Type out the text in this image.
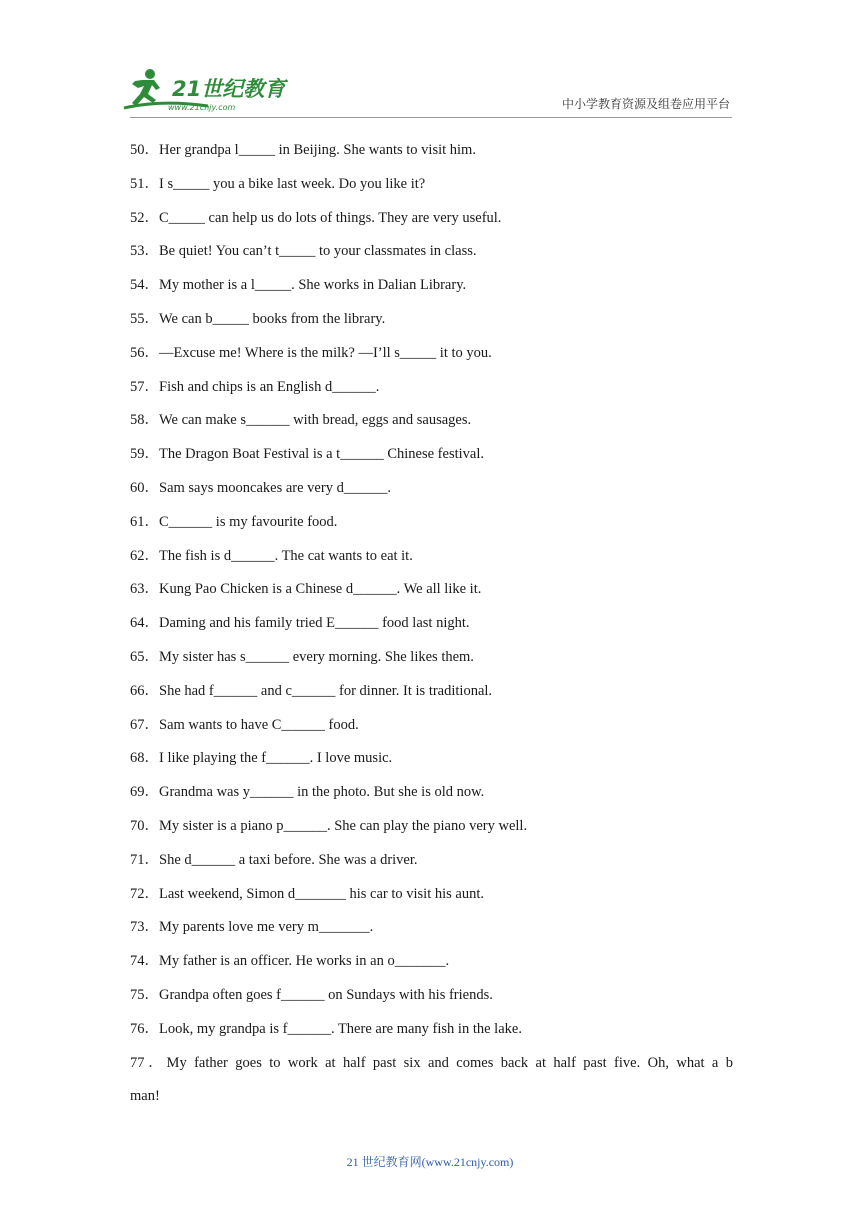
21世纪教育
www.21cnjy.com	中小学教育资源及组卷应用平台
50．Her grandpa l_____ in Beijing. She wants to visit him.
51．I s_____ you a bike last week. Do you like it?
52．C_____ can help us do lots of things. They are very useful.
53．Be quiet! You can’t t_____ to your classmates in class.
54．My mother is a l_____. She works in Dalian Library.
55．We can b_____ books from the library.
56．—Excuse me! Where is the milk? —I’ll s_____ it to you.
57．Fish and chips is an English d______.
58．We can make s______ with bread, eggs and sausages.
59．The Dragon Boat Festival is a t______ Chinese festival.
60．Sam says mooncakes are very d______.
61．C______ is my favourite food.
62．The fish is d______. The cat wants to eat it.
63．Kung Pao Chicken is a Chinese d______. We all like it.
64．Daming and his family tried E______ food last night.
65．My sister has s______ every morning. She likes them.
66．She had f______ and c______ for dinner. It is traditional.
67．Sam wants to have C______ food.
68．I like playing the f______. I love music.
69．Grandma was y______ in the photo. But she is old now.
70．My sister is a piano p______. She can play the piano very well.
71．She d______ a taxi before. She was a driver.
72．Last weekend, Simon d_______ his car to visit his aunt.
73．My parents love me very m_______.
74．My father is an officer. He works in an o_______.
75．Grandpa often goes f______ on Sundays with his friends.
76．Look, my grandpa is f______. There are many fish in the lake.
77．My father goes to work at half past six and comes back at half past five. Oh, what a b
man!
21 世纪教育网(www.21cnjy.com)
